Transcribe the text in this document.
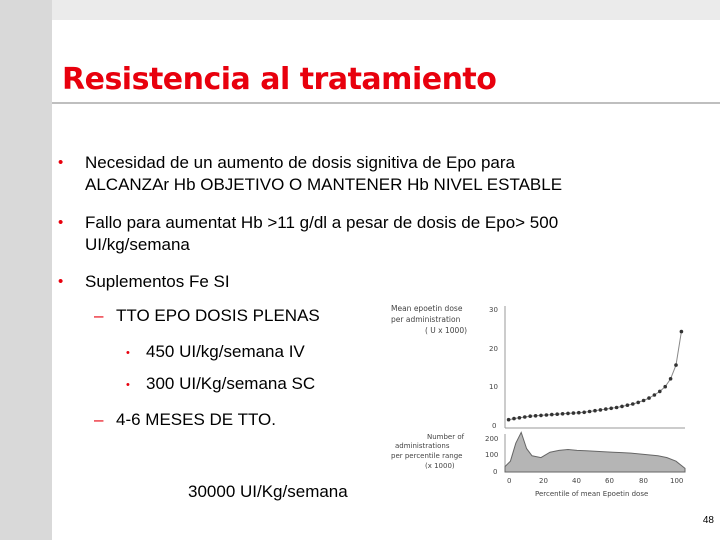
Resistencia al tratamiento
•	Necesidad de un aumento de dosis signitiva de Epo para
ALCANZAr Hb OBJETIVO O MANTENER Hb NIVEL ESTABLE
•	Fallo para aumentat Hb >11 g/dl a pesar de dosis de Epo> 500
UI/kg/semana
•	Suplementos Fe SI
– TTO EPO DOSIS PLENAS
• 450 UI/kg/semana IV
• 300 UI/Kg/semana SC
– 4-6 MESES DE TTO.
30000 UI/Kg/semana
Mean epoetin dose
per administration
( U x 1000)
30
20
10
0
Number of
administrations
per percentile range
(x 1000)
200
100
0
0	20	40	60	80	100
Percentile of mean Epoetin dose
48
